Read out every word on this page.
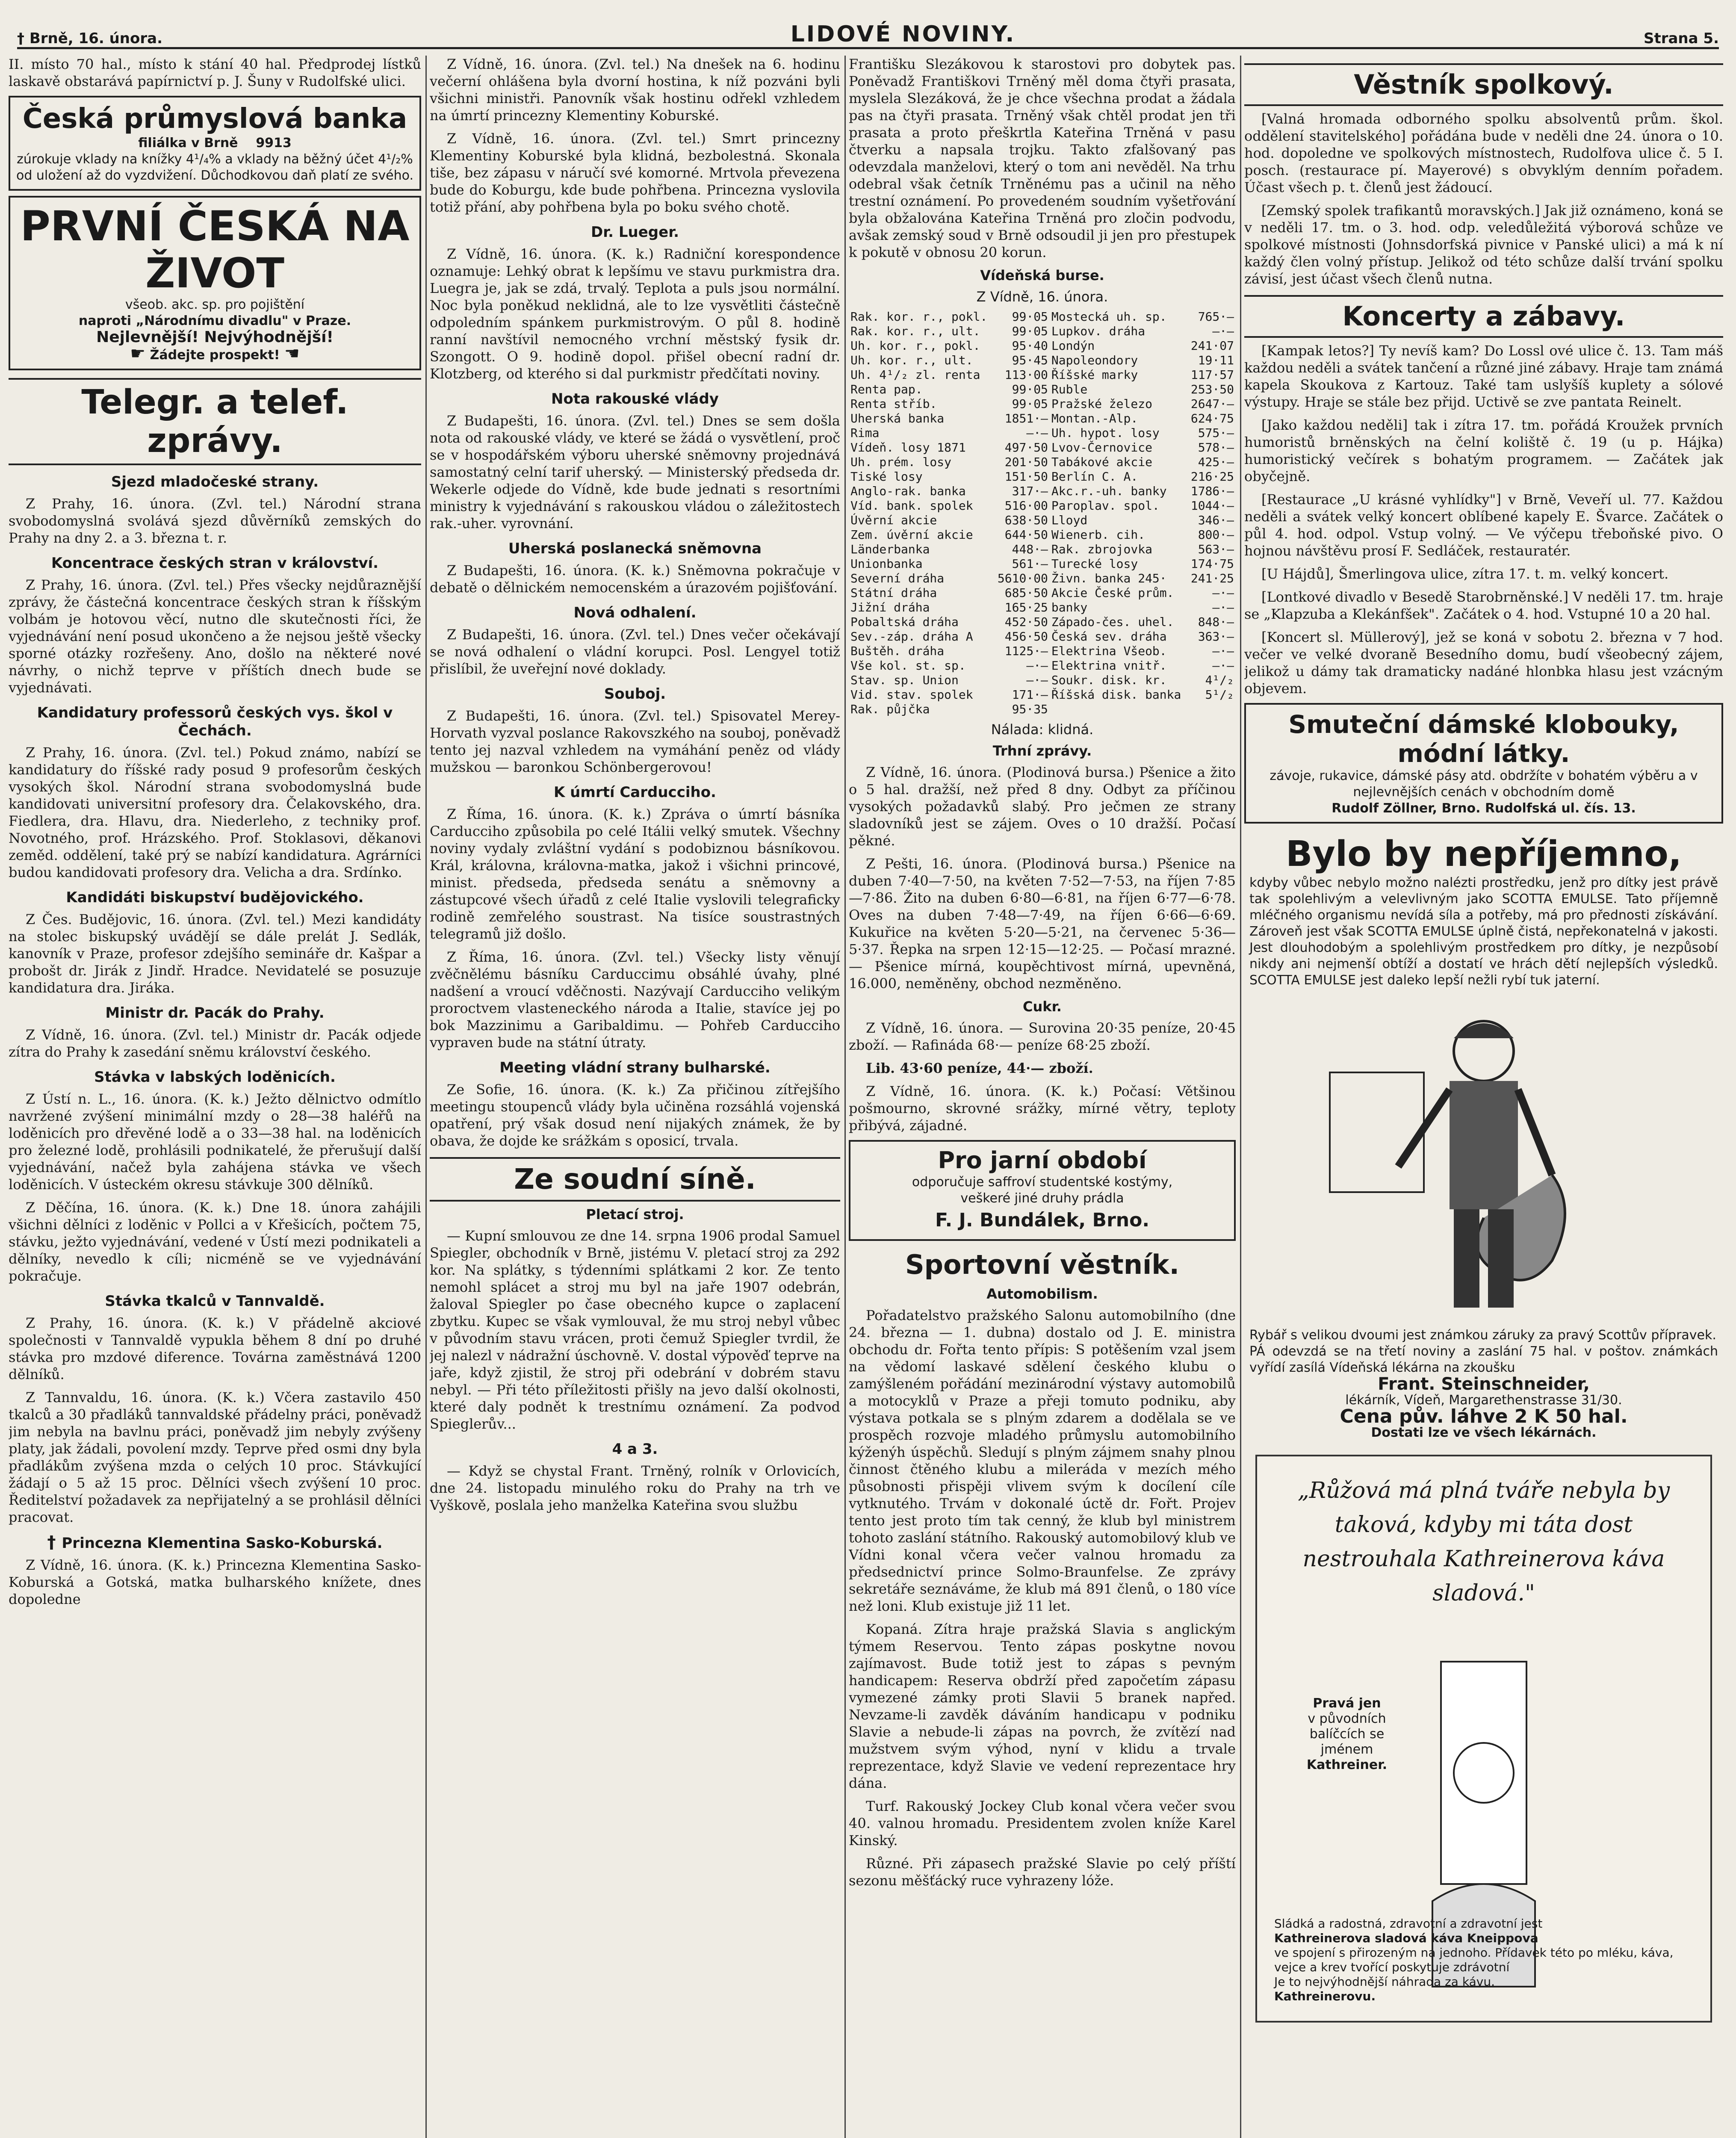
† Brně, 16. února.	LIDOVÉ NOVINY.	Strana 5.

II. místo 70 hal., místo k stání 40 hal. Předprodej lístků laskavě obstarává papírnictví p. J. Šuny v Rudolfské ulici.

Česká průmyslová banka
filiálka v Brně 9913
zúrokuje vklady na knížky 4¹/₄% a vklady na běžný účet 4¹/₂% od uložení až do vyzdvižení. Důchodkovou daň platí ze svého.
PRVNÍ ČESKÁ NA ŽIVOT
všeob. akc. sp. pro pojištění
naproti „Národnímu divadlu" v Praze.
Nejlevnější! Nejvýhodnější!
☛ Žádejte prospekt! ☚
Telegr. a telef. zprávy.
Sjezd mladočeské strany.

Z Prahy, 16. února. (Zvl. tel.) Národní strana svobodomyslná svolává sjezd důvěrníků zemských do Prahy na dny 2. a 3. března t. r.

Koncentrace českých stran v království.

Z Prahy, 16. února. (Zvl. tel.) Přes všecky nejdůraznější zprávy, že částečná koncentrace českých stran k říšským volbám je hotovou věcí, nutno dle skutečnosti říci, že vyjednávání není posud ukončeno a že nejsou ještě všecky sporné otázky rozřešeny. Ano, došlo na některé nové návrhy, o nichž teprve v příštích dnech bude se vyjednávati.

Kandidatury professorů českých vys. škol v Čechách.

Z Prahy, 16. února. (Zvl. tel.) Pokud známo, nabízí se kandidatury do říšské rady posud 9 profesorům českých vysokých škol. Národní strana svobodomyslná bude kandidovati universitní profesory dra. Čelakovského, dra. Fiedlera, dra. Hlavu, dra. Niederleho, z techniky prof. Novotného, prof. Hrázského. Prof. Stoklasovi, děkanovi zeměd. oddělení, také prý se nabízí kandidatura. Agrárníci budou kandidovati profesory dra. Velicha a dra. Srdínko.

Kandidáti biskupství budějovického.

Z Čes. Budějovic, 16. února. (Zvl. tel.) Mezi kandidáty na stolec biskupský uvádějí se dále prelát J. Sedlák, kanovník v Praze, profesor zdejšího semináře dr. Kašpar a probošt dr. Jirák z Jindř. Hradce. Nevidatelé se posuzuje kandidatura dra. Jiráka.

Ministr dr. Pacák do Prahy.

Z Vídně, 16. února. (Zvl. tel.) Ministr dr. Pacák odjede zítra do Prahy k zasedání sněmu království českého.

Stávka v labských loděnicích.

Z Ústí n. L., 16. února. (K. k.) Ježto dělnictvo odmítlo navržené zvýšení minimální mzdy o 28—38 haléřů na loděnicích pro dřevěné lodě a o 33—38 hal. na loděnicích pro železné lodě, prohlásili podnikatelé, že přerušují další vyjednávání, načež byla zahájena stávka ve všech loděnicích. V ústeckém okresu stávkuje 300 dělníků.

Z Děčína, 16. února. (K. k.) Dne 18. února zahájili všichni dělníci z loděnic v Pollci a v Křešicích, počtem 75, stávku, ježto vyjednávání, vedené v Ústí mezi podnikateli a dělníky, nevedlo k cíli; nicméně se ve vyjednávání pokračuje.

Stávka tkalců v Tannvaldě.

Z Prahy, 16. února. (K. k.) V přádelně akciové společnosti v Tannvaldě vypukla během 8 dní po druhé stávka pro mzdové diference. Továrna zaměstnává 1200 dělníků.

Z Tannvaldu, 16. února. (K. k.) Včera zastavilo 450 tkalců a 30 přadláků tannvaldské přádelny práci, poněvadž jim nebyla na bavlnu práci, poněvadž jim nebyly zvýšeny platy, jak žádali, povolení mzdy. Teprve před osmi dny byla přadlákům zvýšena mzda o celých 10 proc. Stávkující žádají o 5 až 15 proc. Dělníci všech zvýšení 10 proc. Ředitelství požadavek za nepřijatelný a se prohlásil dělníci pracovat.

† Princezna Klementina Sasko-Koburská.

Z Vídně, 16. února. (K. k.) Princezna Klementina Sasko-Koburská a Gotská, matka bulharského knížete, dnes dopoledne

Z Vídně, 16. února. (Zvl. tel.) Na dnešek na 6. hodinu večerní ohlášena byla dvorní hostina, k níž pozváni byli všichni ministři. Panovník však hostinu odřekl vzhledem na úmrtí princezny Klementiny Koburské.

Z Vídně, 16. února. (Zvl. tel.) Smrt princezny Klementiny Koburské byla klidná, bezbolestná. Skonala tiše, bez zápasu v náručí své komorné. Mrtvola převezena bude do Koburgu, kde bude pohřbena. Princezna vyslovila totiž přání, aby pohřbena byla po boku svého chotě.

Dr. Lueger.

Z Vídně, 16. února. (K. k.) Radniční korespondence oznamuje: Lehký obrat k lepšímu ve stavu purkmistra dra. Luegra je, jak se zdá, trvalý. Teplota a puls jsou normální. Noc byla poněkud neklidná, ale to lze vysvětliti částečně odpoledním spánkem purkmistrovým. O půl 8. hodině ranní navštívil nemocného vrchní městský fysik dr. Szongott. O 9. hodině dopol. přišel obecní radní dr. Klotzberg, od kterého si dal purkmistr předčítati noviny.

Nota rakouské vlády

Z Budapešti, 16. února. (Zvl. tel.) Dnes se sem došla nota od rakouské vlády, ve které se žádá o vysvětlení, proč se v hospodářském výboru uherské sněmovny projednává samostatný celní tarif uherský. — Ministerský předseda dr. Wekerle odjede do Vídně, kde bude jednati s resortními ministry k vyjednávání s rakouskou vládou o záležitostech rak.-uher. vyrovnání.

Uherská poslanecká sněmovna

Z Budapešti, 16. února. (K. k.) Sněmovna pokračuje v debatě o dělnickém nemocenském a úrazovém pojišťování.

Nová odhalení.

Z Budapešti, 16. února. (Zvl. tel.) Dnes večer očekávají se nová odhalení o vládní korupci. Posl. Lengyel totiž přislíbil, že uveřejní nové doklady.

Souboj.

Z Budapešti, 16. února. (Zvl. tel.) Spisovatel Merey-Horvath vyzval poslance Rakovszkého na souboj, poněvadž tento jej nazval vzhledem na vymáhání peněz od vlády mužskou — baronkou Schönbergerovou!

K úmrtí Carducciho.

Z Říma, 16. února. (K. k.) Zpráva o úmrtí básníka Carducciho způsobila po celé Itálii velký smutek. Všechny noviny vydaly zvláštní vydání s podobiznou básníkovou. Král, královna, královna-matka, jakož i všichni princové, minist. předseda, předseda senátu a sněmovny a zástupcové všech úřadů z celé Italie vyslovili telegraficky rodině zemřelého soustrast. Na tisíce soustrastných telegramů již došlo.

Z Říma, 16. února. (Zvl. tel.) Všecky listy věnují zvěčnělému básníku Carduccimu obsáhlé úvahy, plné nadšení a vroucí vděčnosti. Nazývají Carducciho velikým proroctvem vlasteneckého národa a Italie, stavíce jej po bok Mazzinimu a Garibaldimu. — Pohřeb Carducciho vypraven bude na státní útraty.

Meeting vládní strany bulharské.

Ze Sofie, 16. února. (K. k.) Za přičinou zítřejšího meetingu stoupenců vlády byla učiněna rozsáhlá vojenská opatření, prý však dosud není nijakých známek, že by obava, že dojde ke srážkám s oposicí, trvala.

Ze soudní síně.
Pletací stroj.

— Kupní smlouvou ze dne 14. srpna 1906 prodal Samuel Spiegler, obchodník v Brně, jistému V. pletací stroj za 292 kor. Na splátky, s týdenními splátkami 2 kor. Ze tento nemohl splácet a stroj mu byl na jaře 1907 odebrán, žaloval Spiegler po čase obecného kupce o zaplacení zbytku. Kupec se však vymlouval, že mu stroj nebyl vůbec v původním stavu vrácen, proti čemuž Spiegler tvrdil, že jej nalezl v nádražní úschovně. V. dostal výpověď teprve na jaře, když zjistil, že stroj při odebrání v dobrém stavu nebyl. — Při této příležitosti přišly na jevo další okolnosti, které daly podnět k trestnímu oznámení. Za podvod Spieglerův...

4 a 3.

— Když se chystal Frant. Trněný, rolník v Orlovicích, dne 24. listopadu minulého roku do Prahy na trh ve Vyškově, poslala jeho manželka Kateřina svou službu

Františku Slezákovou k starostovi pro dobytek pas. Poněvadž Františkovi Trněný měl doma čtyři prasata, myslela Slezáková, že je chce všechna prodat a žádala pas na čtyři prasata. Trněný však chtěl prodat jen tři prasata a proto přeškrtla Kateřina Trněná v pasu čtverku a napsala trojku. Takto zfalšovaný pas odevzdala manželovi, který o tom ani nevěděl. Na trhu odebral však četník Trněnému pas a učinil na něho trestní oznámení. Po provedeném soudním vyšetřování byla obžalována Kateřina Trněná pro zločin podvodu, avšak zemský soud v Brně odsoudil ji jen pro přestupek k pokutě v obnosu 20 korun.

Vídeňská burse.
Z Vídně, 16. února.
Rak. kor. r., pokl.	99·05	Mostecká uh. sp.	765·—
Rak. kor. r., ult.	99·05	Lupkov. dráha	—·—
Uh. kor. r., pokl.	95·40	Londýn	241·07
Uh. kor. r., ult.	95·45	Napoleondory	19·11
Uh. 4¹/₂ zl. renta	113·00	Říšské marky	117·57
Renta pap.	99·05	Ruble	253·50
Renta stříb.	99·05	Pražské železo	2647·—
Uherská banka	1851·—	Montan.-Alp.	624·75
Rima	—·—	Uh. hypot. losy	575·—
Vídeň. losy 1871	497·50	Lvov-Černovice	578·—
Uh. prém. losy	201·50	Tabákové akcie	425·—
Tiské losy	151·50	Berlín C. A.	216·25
Anglo-rak. banka	317·—	Akc.r.-uh. banky	1786·—
Víd. bank. spolek	516·00	Paroplav. spol.	1044·—
Úvěrní akcie	638·50	Lloyd	346·—
Zem. úvěrní akcie	644·50	Wienerb. cih.	800·—
Länderbanka	448·—	Rak. zbrojovka	563·—
Unionbanka	561·—	Turecké losy	174·75
Severní dráha	5610·00	Živn. banka 245·	241·25
Státní dráha	685·50	Akcie České prům.	—·—
Jižní dráha	165·25	banky	—·—
Pobaltská dráha	452·50	Západo-čes. uhel.	848·—
Sev.-záp. dráha A	456·50	Česká sev. dráha	363·—
Buštěh. dráha	1125·—	Elektrina Všeob.	—·—
Vše kol. st. sp.	—·—	Elektrina vnitř.	—·—
Stav. sp. Union	—·—	Soukr. disk. kr.	4¹/₂
Vid. stav. spolek	171·—	Říšská disk. banka	5¹/₂
Rak. půjčka	95·35		
Nálada: klidná.
Trhní zprávy.

Z Vídně, 16. února. (Plodinová bursa.) Pšenice a žito o 5 hal. dražší, než před 8 dny. Odbyt za příčinou vysokých požadavků slabý. Pro ječmen ze strany sladovníků jest se zájem. Oves o 10 dražší. Počasí pěkné.

Z Pešti, 16. února. (Plodinová bursa.) Pšenice na duben 7·40—7·50, na květen 7·52—7·53, na říjen 7·85—7·86. Žito na duben 6·80—6·81, na říjen 6·77—6·78. Oves na duben 7·48—7·49, na říjen 6·66—6·69. Kukuřice na květen 5·20—5·21, na červenec 5·36—5·37. Řepka na srpen 12·15—12·25. — Počasí mrazné. — Pšenice mírná, koupěchtivost mírná, upevněná, 16.000, neměněny, obchod nezměněno.

Cukr.

Z Vídně, 16. února. — Surovina 20·35 peníze, 20·45 zboží. — Rafináda 68·— peníze 68·25 zboží.

Lib. 43·60 peníze, 44·— zboží.

Z Vídně, 16. února. (K. k.) Počasí: Většinou pošmourno, skrovné srážky, mírné větry, teploty přibývá, zájadné.

Pro jarní období
odporučuje saffroví studentské kostýmy,
veškeré jiné druhy prádla
F. J. Bundálek, Brno.
Sportovní věstník.
Automobilism.

Pořadatelstvo pražského Salonu automobilního (dne 24. března — 1. dubna) dostalo od J. E. ministra obchodu dr. Fořta tento přípis: S potěšením vzal jsem na vědomí laskavé sdělení českého klubu o zamýšleném pořádání mezinárodní výstavy automobilů a motocyklů v Praze a přeji tomuto podniku, aby výstava potkala se s plným zdarem a dodělala se ve prospěch rozvoje mladého průmyslu automobilního kýženýh úspěchů. Sledují s plným zájmem snahy plnou činnost čtěného klubu a mileráda v mezích mého působnosti přispěji vlivem svým k docílení cíle vytknutého. Trvám v dokonalé úctě dr. Fořt. Projev tento jest proto tím tak cenný, že klub byl ministrem tohoto zaslání státního. Rakouský automobilový klub ve Vídni konal včera večer valnou hromadu za předsednictví prince Solmo-Braunfelse. Ze zprávy sekretáře seznáváme, že klub má 891 členů, o 180 více než loni. Klub existuje již 11 let.

Kopaná. Zítra hraje pražská Slavia s anglickým týmem Reservou. Tento zápas poskytne novou zajímavost. Bude totiž jest to zápas s pevným handicapem: Reserva obdrží před započetím zápasu vymezené zámky proti Slavii 5 branek napřed. Nevzame-li zavděk dáváním handicapu v podniku Slavie a nebude-li zápas na povrch, že zvítězí nad mužstvem svým výhod, nyní v klidu a trvale reprezentace, když Slavie ve vedení reprezentace hry dána.

Turf. Rakouský Jockey Club konal včera večer svou 40. valnou hromadu. Presidentem zvolen kníže Karel Kinský.

Různé. Při zápasech pražské Slavie po celý příští sezonu měšťácký ruce vyhrazeny lóže.

Věstník spolkový.

[Valná hromada odborného spolku absolventů prům. škol. oddělení stavitelského] pořádána bude v neděli dne 24. února o 10. hod. dopoledne ve spolkových místnostech, Rudolfova ulice č. 5 I. posch. (restaurace pí. Mayerové) s obvyklým denním pořadem. Účast všech p. t. členů jest žádoucí.

[Zemský spolek trafikantů moravských.] Jak již oznámeno, koná se v neděli 17. tm. o 3. hod. odp. veledůležitá výborová schůze ve spolkové místnosti (Johnsdorfská pivnice v Panské ulici) a má k ní každý člen volný přístup. Jelikož od této schůze další trvání spolku závisí, jest účast všech členů nutna.

Koncerty a zábavy.

[Kampak letos?] Ty nevíš kam? Do Lossl ové ulice č. 13. Tam máš každou neděli a svátek tančení a různé jiné zábavy. Hraje tam známá kapela Skoukova z Kartouz. Také tam uslyšíš kuplety a sólové výstupy. Hraje se stále bez přijd. Uctivě se zve pantata Reinelt.

[Jako každou neděli] tak i zítra 17. tm. pořádá Kroužek prvních humoristů brněnských na čelní koliště č. 19 (u p. Hájka) humoristický večírek s bohatým programem. — Začátek jak obyčejně.

[Restaurace „U krásné vyhlídky"] v Brně, Veveří ul. 77. Každou neděli a svátek velký koncert oblíbené kapely E. Švarce. Začátek o půl 4. hod. odpol. Vstup volný. — Ve výčepu třeboňské pivo. O hojnou návštěvu prosí F. Sedláček, restauratér.

[U Hájdů], Šmerlingova ulice, zítra 17. t. m. velký koncert.

[Lontkové divadlo v Besedě Starobrněnské.] V neděli 17. tm. hraje se „Klapzuba a Klekánfšek". Začátek o 4. hod. Vstupné 10 a 20 hal.

[Koncert sl. Müllerový], jež se koná v sobotu 2. března v 7 hod. večer ve velké dvoraně Besedního domu, budí všeobecný zájem, jelikož u dámy tak dramaticky nadáné hlonbka hlasu jest vzácným objevem.

Smuteční dámské klobouky, módní látky.
závoje, rukavice, dámské pásy atd. obdržíte v bohatém výběru a v nejlevnějších cenách v obchodním domě
Rudolf Zöllner, Brno. Rudolfská ul. čís. 13.
Bylo by nepříjemno,
kdyby vůbec nebylo možno nalézti prostředku, jenž pro dítky jest právě tak spolehlivým a velevlivným jako SCOTTA EMULSE. Tato příjemně mléčného organismu nevídá síla a potřeby, má pro přednosti získávání. Zároveň jest však SCOTTA EMULSE úplně čistá, nepřekonatelná v jakosti. Jest dlouhodobým a spolehlivým prostředkem pro dítky, je nezpůsobí nikdy ani nejmenší obtíží a dostatí ve hrách dětí nejlepších výsledků. SCOTTA EMULSE jest daleko lepší nežli rybí tuk jaterní.
Rybář s velikou dvoumi jest známkou záruky za pravý Scottův přípravek.
PÁ odevzdá se na třetí noviny a zaslání 75 hal. v poštov. známkách vyřídí zasílá Vídeňská lékárna na zkoušku
Frant. Steinschneider,
lékárník, Vídeň, Margarethenstrasse 31/30.
Cena pův. láhve 2 K 50 hal.
Dostati lze ve všech lékárnách.
„Růžová má plná tváře nebyla by taková, kdyby mi táta dost nestrouhala Kathreinerova káva sladová."
Pravá jen
v původních balíčcích se jménem
Kathreiner.
Sládká a radostná, zdravotní a zdravotní jest
Kathreinerova sladová káva Kneippova
ve spojení s přirozeným na jednoho. Přídavek této po mléku, káva, vejce a krev tvořící poskytuje zdrávotní
Je to nejvýhodnější náhrada za kávu.
Kathreinerovu.
